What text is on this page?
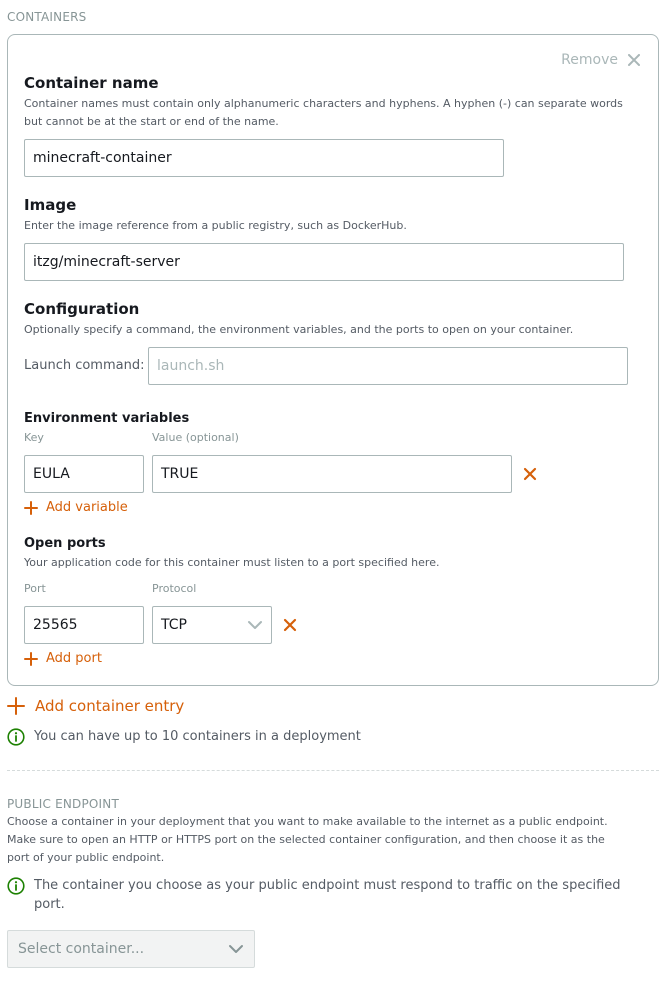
CONTAINERS
Remove
Container name
Container names must contain only alphanumeric characters and hyphens. A hyphen (-) can separate words
but cannot be at the start or end of the name.
minecraft-container
Image
Enter the image reference from a public registry, such as DockerHub.
itzg/minecraft-server
Configuration
Optionally specify a command, the environment variables, and the ports to open on your container.
Launch command: launch.sh
Environment variables
Key	Value (optional)
EULA	TRUE
Add variable
Open ports
Your application code for this container must listen to a port specified here.
Port	Protocol
25565	TCP
Add port
Add container entry
You can have up to 10 containers in a deployment
PUBLIC ENDPOINT
Choose a container in your deployment that you want to make available to the internet as a public endpoint.
Make sure to open an HTTP or HTTPS port on the selected container configuration, and then choose it as the
port of your public endpoint.
The container you choose as your public endpoint must respond to traffic on the specified
port.
Select container...
